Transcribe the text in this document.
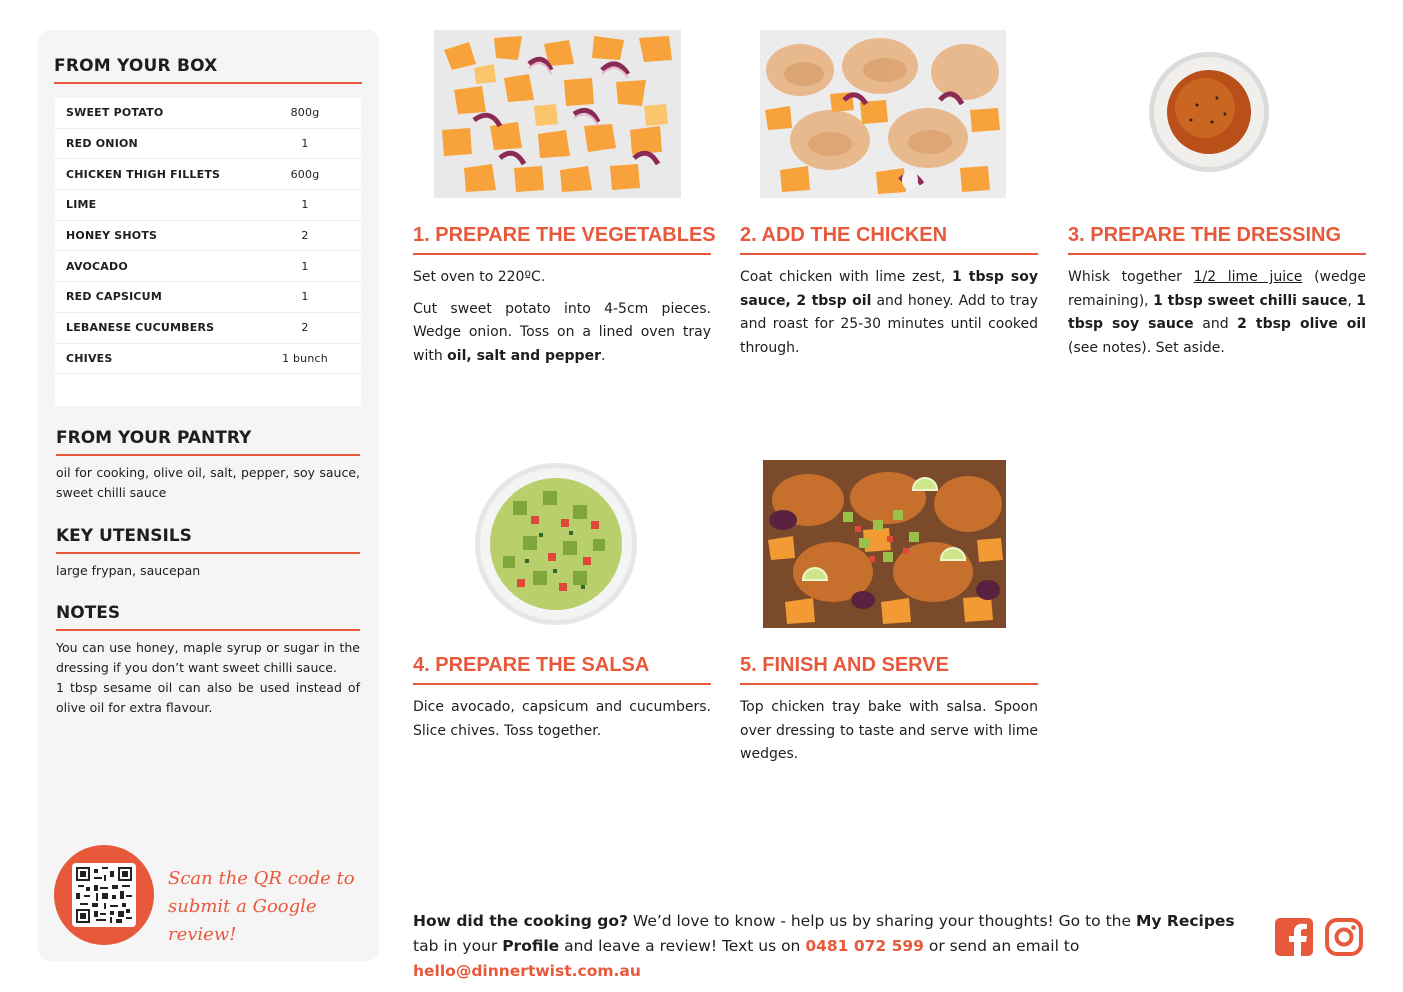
FROM YOUR BOX
SWEET POTATO	800g
RED ONION	1
CHICKEN THIGH FILLETS	600g
LIME	1
HONEY SHOTS	2
AVOCADO	1
RED CAPSICUM	1
LEBANESE CUCUMBERS	2
CHIVES	1 bunch
FROM YOUR PANTRY
oil for cooking, olive oil, salt, pepper, soy sauce, sweet chilli sauce
KEY UTENSILS
large frypan, saucepan
NOTES
You can use honey, maple syrup or sugar in the dressing if you don’t want sweet chilli sauce.
1 tbsp sesame oil can also be used instead of olive oil for extra flavour.
Scan the QR code to
submit a Google review!
1. PREPARE THE VEGETABLES

Set oven to 220ºC.

Cut sweet potato into 4-5cm pieces. Wedge onion. Toss on a lined oven tray with oil, salt and pepper.

2. ADD THE CHICKEN

Coat chicken with lime zest, 1 tbsp soy sauce, 2 tbsp oil and honey. Add to tray and roast for 25-30 minutes until cooked through.

3. PREPARE THE DRESSING

Whisk together 1/2 lime juice (wedge remaining), 1 tbsp sweet chilli sauce, 1 tbsp soy sauce and 2 tbsp olive oil (see notes). Set aside.

4. PREPARE THE SALSA

Dice avocado, capsicum and cucumbers. Slice chives. Toss together.

5. FINISH AND SERVE

Top chicken tray bake with salsa. Spoon over dressing to taste and serve with lime wedges.

How did the cooking go? We’d love to know - help us by sharing your thoughts! Go to the My Recipes tab in your Profile and leave a review! Text us on 0481 072 599 or send an email to hello@dinnertwist.com.au
